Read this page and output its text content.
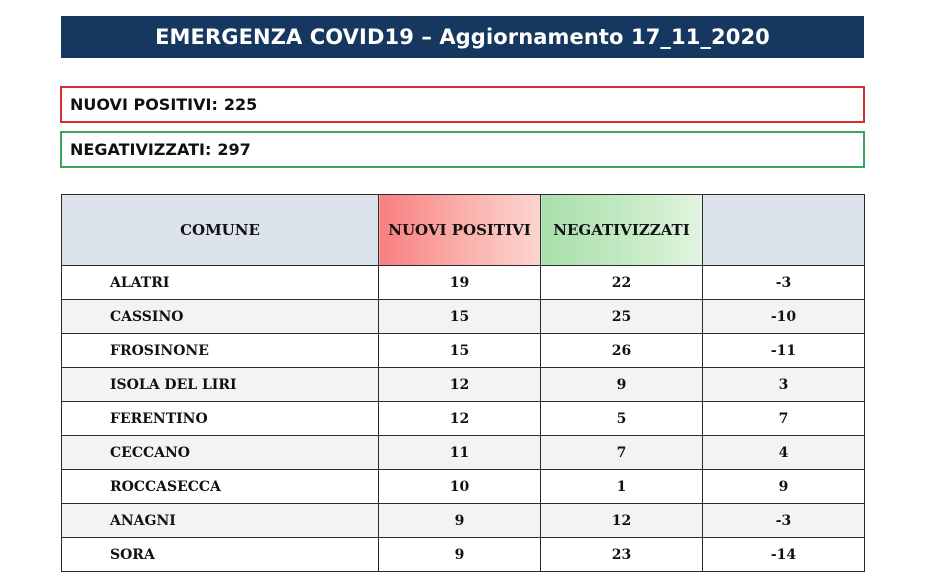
EMERGENZA COVID19 – Aggiornamento 17_11_2020
NUOVI POSITIVI: 225
NEGATIVIZZATI: 297
COMUNE	NUOVI POSITIVI	NEGATIVIZZATI	
ALATRI	19	22	-3
CASSINO	15	25	-10
FROSINONE	15	26	-11
ISOLA DEL LIRI	12	9	3
FERENTINO	12	5	7
CECCANO	11	7	4
ROCCASECCA	10	1	9
ANAGNI	9	12	-3
SORA	9	23	-14
